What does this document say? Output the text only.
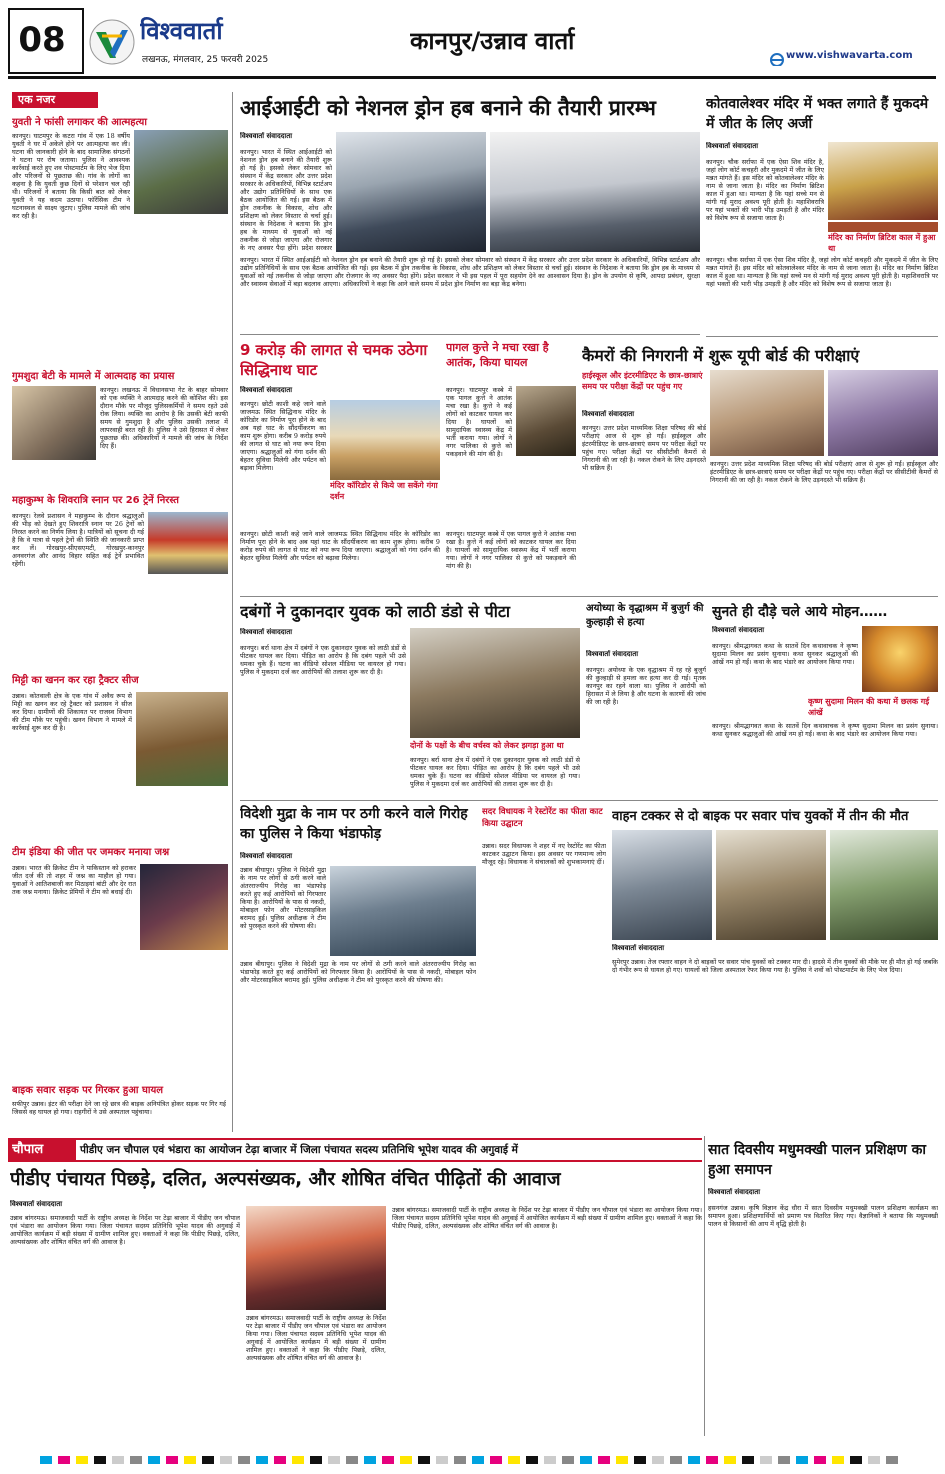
08	विश्ववार्ता
लखनऊ, मंगलवार, 25 फरवरी 2025
कानपुर/उन्नाव वार्ता
www.vishwavarta.com
एक नजर
युवती ने फांसी लगाकर की आत्महत्या
कानपुर। घाटमपुर के कटरा गांव में एक 18 वर्षीय युवती ने घर में अकेले होने पर आत्महत्या कर ली। घटना की जानकारी होने के बाद सामाजिक संगठनों ने घटना पर रोष जताया। पुलिस ने आवश्यक कार्रवाई करते हुए शव पोस्टमार्टम के लिए भेज दिया और परिजनों से पूछताछ की। गांव के लोगों का कहना है कि युवती कुछ दिनों से परेशान चल रही थी। परिजनों ने बताया कि किसी बात को लेकर युवती ने यह कदम उठाया। फॉरेंसिक टीम ने घटनास्थल से साक्ष्य जुटाए। पुलिस मामले की जांच कर रही है।
गुमशुदा बेटी के मामले में आत्मदाह का प्रयास
कानपुर। लखनऊ में विधानसभा गेट के बाहर सोमवार को एक व्यक्ति ने आत्मदाह करने की कोशिश की। इस दौरान मौके पर मौजूद पुलिसकर्मियों ने समय रहते उसे रोक लिया। व्यक्ति का आरोप है कि उसकी बेटी काफी समय से गुमशुदा है और पुलिस उसकी तलाश में लापरवाही बरत रही है। पुलिस ने उसे हिरासत में लेकर पूछताछ की। अधिकारियों ने मामले की जांच के निर्देश दिए हैं।
महाकुम्भ के शिवरात्रि स्नान पर 26 ट्रेनें निरस्त
कानपुर। रेलवे प्रशासन ने महाकुम्भ के दौरान श्रद्धालुओं की भीड़ को देखते हुए शिवरात्रि स्नान पर 26 ट्रेनों को निरस्त करने का निर्णय लिया है। यात्रियों को सूचना दी गई है कि वे यात्रा से पहले ट्रेनों की स्थिति की जानकारी प्राप्त कर लें। गोरखपुर-सीएसएमटी, गोरखपुर-कानपुर अनवरगंज और आनंद विहार सहित कई ट्रेनें प्रभावित रहेंगी।
मिट्टी का खनन कर रहा ट्रैक्टर सीज
उन्नाव। कोतवाली क्षेत्र के एक गांव में अवैध रूप से मिट्टी का खनन कर रहे ट्रैक्टर को प्रशासन ने सीज कर दिया। ग्रामीणों की शिकायत पर राजस्व विभाग की टीम मौके पर पहुंची। खनन विभाग ने मामले में कार्रवाई शुरू कर दी है।
टीम इंडिया की जीत पर जमकर मनाया जश्न
उन्नाव। भारत की क्रिकेट टीम ने पाकिस्तान को हराकर जीत दर्ज की तो शहर में जश्न का माहौल हो गया। युवाओं ने आतिशबाजी कर मिठाइयां बांटी और देर रात तक जश्न मनाया। क्रिकेट प्रेमियों ने टीम को बधाई दी।
बाइक सवार सड़क पर गिरकर हुआ घायल
सफीपुर उन्नाव। इंटर की परीक्षा देने जा रहे छात्र की बाइक अनियंत्रित होकर सड़क पर गिर गई जिससे वह घायल हो गया। राहगीरों ने उसे अस्पताल पहुंचाया।
आईआईटी को नेशनल ड्रोन हब बनाने की तैयारी प्रारम्भ
विश्ववार्ता संवाददाता
कानपुर। भारत में स्थित आईआईटी को नेशनल ड्रोन हब बनाने की तैयारी शुरू हो गई है। इसको लेकर सोमवार को संस्थान में केंद्र सरकार और उत्तर प्रदेश सरकार के अधिकारियों, विभिन्न स्टार्टअप और उद्योग प्रतिनिधियों के साथ एक बैठक आयोजित की गई। इस बैठक में ड्रोन तकनीक के विकास, शोध और प्रशिक्षण को लेकर विस्तार से चर्चा हुई। संस्थान के निदेशक ने बताया कि ड्रोन हब के माध्यम से युवाओं को नई तकनीक से जोड़ा जाएगा और रोजगार के नए अवसर पैदा होंगे। प्रदेश सरकार
कानपुर। भारत में स्थित आईआईटी को नेशनल ड्रोन हब बनाने की तैयारी शुरू हो गई है। इसको लेकर सोमवार को संस्थान में केंद्र सरकार और उत्तर प्रदेश सरकार के अधिकारियों, विभिन्न स्टार्टअप और उद्योग प्रतिनिधियों के साथ एक बैठक आयोजित की गई। इस बैठक में ड्रोन तकनीक के विकास, शोध और प्रशिक्षण को लेकर विस्तार से चर्चा हुई। संस्थान के निदेशक ने बताया कि ड्रोन हब के माध्यम से युवाओं को नई तकनीक से जोड़ा जाएगा और रोजगार के नए अवसर पैदा होंगे। प्रदेश सरकार ने भी इस पहल में पूरा सहयोग देने का आश्वासन दिया है। ड्रोन के उपयोग से कृषि, आपदा प्रबंधन, सुरक्षा और स्वास्थ्य सेवाओं में बड़ा बदलाव आएगा। अधिकारियों ने कहा कि आने वाले समय में प्रदेश ड्रोन निर्माण का बड़ा केंद्र बनेगा।
कोतवालेश्वर मंदिर में भक्त लगाते हैं मुकदमे में जीत के लिए अर्जी
विश्ववार्ता संवाददाता
कानपुर। चौक सर्राफा में एक ऐसा शिव मंदिर है, जहां लोग कोर्ट कचहरी और मुकदमे में जीत के लिए मन्नत मांगते हैं। इस मंदिर को कोतवालेश्वर मंदिर के नाम से जाना जाता है। मंदिर का निर्माण ब्रिटिश काल में हुआ था। मान्यता है कि यहां सच्चे मन से मांगी गई मुराद अवश्य पूरी होती है। महाशिवरात्रि पर यहां भक्तों की भारी भीड़ उमड़ती है और मंदिर को विशेष रूप से सजाया जाता है।
मंदिर का निर्माण ब्रिटिश काल में हुआ था
कानपुर। चौक सर्राफा में एक ऐसा शिव मंदिर है, जहां लोग कोर्ट कचहरी और मुकदमे में जीत के लिए मन्नत मांगते हैं। इस मंदिर को कोतवालेश्वर मंदिर के नाम से जाना जाता है। मंदिर का निर्माण ब्रिटिश काल में हुआ था। मान्यता है कि यहां सच्चे मन से मांगी गई मुराद अवश्य पूरी होती है। महाशिवरात्रि पर यहां भक्तों की भारी भीड़ उमड़ती है और मंदिर को विशेष रूप से सजाया जाता है।
9 करोड़ की लागत से चमक उठेगा सिद्धिनाथ घाट
विश्ववार्ता संवाददाता
मंदिर कॉरिडोर से किये जा सकेंगे गंगा दर्शन
कानपुर। छोटी काशी कहे जाने वाले जाजमऊ स्थित सिद्धिनाथ मंदिर के कॉरिडोर का निर्माण पूरा होने के बाद अब यहां घाट के सौंदर्यीकरण का काम शुरू होगा। करीब 9 करोड़ रुपये की लागत से घाट को नया रूप दिया जाएगा। श्रद्धालुओं को गंगा दर्शन की बेहतर सुविधा मिलेगी और पर्यटन को बढ़ावा मिलेगा।
कानपुर। छोटी काशी कहे जाने वाले जाजमऊ स्थित सिद्धिनाथ मंदिर के कॉरिडोर का निर्माण पूरा होने के बाद अब यहां घाट के सौंदर्यीकरण का काम शुरू होगा। करीब 9 करोड़ रुपये की लागत से घाट को नया रूप दिया जाएगा। श्रद्धालुओं को गंगा दर्शन की बेहतर सुविधा मिलेगी और पर्यटन को बढ़ावा मिलेगा।
पागल कुत्ते ने मचा रखा है आतंक, किया घायल
कानपुर। घाटमपुर कस्बे में एक पागल कुत्ते ने आतंक मचा रखा है। कुत्ते ने कई लोगों को काटकर घायल कर दिया है। घायलों को सामुदायिक स्वास्थ्य केंद्र में भर्ती कराया गया। लोगों ने नगर पालिका से कुत्ते को पकड़वाने की मांग की है।
कानपुर। घाटमपुर कस्बे में एक पागल कुत्ते ने आतंक मचा रखा है। कुत्ते ने कई लोगों को काटकर घायल कर दिया है। घायलों को सामुदायिक स्वास्थ्य केंद्र में भर्ती कराया गया। लोगों ने नगर पालिका से कुत्ते को पकड़वाने की मांग की है।
कैमरों की निगरानी में शुरू यूपी बोर्ड की परीक्षाएं
हाईस्कूल और इंटरमीडिएट के छात्र-छात्राएं समय पर परीक्षा केंद्रों पर पहुंच गए
विश्ववार्ता संवाददाता
कानपुर। उत्तर प्रदेश माध्यमिक शिक्षा परिषद की बोर्ड परीक्षाएं आज से शुरू हो गईं। हाईस्कूल और इंटरमीडिएट के छात्र-छात्राएं समय पर परीक्षा केंद्रों पर पहुंच गए। परीक्षा केंद्रों पर सीसीटीवी कैमरों से निगरानी की जा रही है। नकल रोकने के लिए उड़नदस्ते भी सक्रिय हैं।	कानपुर। उत्तर प्रदेश माध्यमिक शिक्षा परिषद की बोर्ड परीक्षाएं आज से शुरू हो गईं। हाईस्कूल और इंटरमीडिएट के छात्र-छात्राएं समय पर परीक्षा केंद्रों पर पहुंच गए। परीक्षा केंद्रों पर सीसीटीवी कैमरों से निगरानी की जा रही है। नकल रोकने के लिए उड़नदस्ते भी सक्रिय हैं।
दबंगों ने दुकानदार युवक को लाठी डंडो से पीटा
विश्ववार्ता संवाददाता
दोनों के पक्षों के बीच वर्चस्व को लेकर झगड़ा हुआ था
कानपुर। बर्रा थाना क्षेत्र में दबंगों ने एक दुकानदार युवक को लाठी डंडों से पीटकर घायल कर दिया। पीड़ित का आरोप है कि दबंग पहले भी उसे धमका चुके हैं। घटना का वीडियो सोशल मीडिया पर वायरल हो गया। पुलिस ने मुकदमा दर्ज कर आरोपियों की तलाश शुरू कर दी है।
कानपुर। बर्रा थाना क्षेत्र में दबंगों ने एक दुकानदार युवक को लाठी डंडों से पीटकर घायल कर दिया। पीड़ित का आरोप है कि दबंग पहले भी उसे धमका चुके हैं। घटना का वीडियो सोशल मीडिया पर वायरल हो गया। पुलिस ने मुकदमा दर्ज कर आरोपियों की तलाश शुरू कर दी है।
अयोध्या के वृद्धाश्रम में बुजुर्ग की कुल्हाड़ी से हत्या
विश्ववार्ता संवाददाता
कानपुर। अयोध्या के एक वृद्धाश्रम में रह रहे बुजुर्ग की कुल्हाड़ी से हमला कर हत्या कर दी गई। मृतक कानपुर का रहने वाला था। पुलिस ने आरोपी को हिरासत में ले लिया है और घटना के कारणों की जांच की जा रही है।
सुनते ही दौड़े चले आये मोहन……
विश्ववार्ता संवाददाता
कानपुर। श्रीमद्भागवत कथा के सातवें दिन कथावाचक ने कृष्ण सुदामा मिलन का प्रसंग सुनाया। कथा सुनकर श्रद्धालुओं की आंखें नम हो गईं। कथा के बाद भंडारे का आयोजन किया गया।
कृष्ण सुदामा मिलन की कथा में छलक गई आंखें
कानपुर। श्रीमद्भागवत कथा के सातवें दिन कथावाचक ने कृष्ण सुदामा मिलन का प्रसंग सुनाया। कथा सुनकर श्रद्धालुओं की आंखें नम हो गईं। कथा के बाद भंडारे का आयोजन किया गया।
विदेशी मुद्रा के नाम पर ठगी करने वाले गिरोह का पुलिस ने किया भंडाफोड़
विश्ववार्ता संवाददाता
उन्नाव बीघापुर। पुलिस ने विदेशी मुद्रा के नाम पर लोगों से ठगी करने वाले अंतरराज्यीय गिरोह का भंडाफोड़ करते हुए कई आरोपियों को गिरफ्तार किया है। आरोपियों के पास से नकदी, मोबाइल फोन और मोटरसाइकिल बरामद हुई। पुलिस अधीक्षक ने टीम को पुरस्कृत करने की घोषणा की।
उन्नाव बीघापुर। पुलिस ने विदेशी मुद्रा के नाम पर लोगों से ठगी करने वाले अंतरराज्यीय गिरोह का भंडाफोड़ करते हुए कई आरोपियों को गिरफ्तार किया है। आरोपियों के पास से नकदी, मोबाइल फोन और मोटरसाइकिल बरामद हुई। पुलिस अधीक्षक ने टीम को पुरस्कृत करने की घोषणा की।
सदर विधायक ने रेस्टोरेंट का फीता काट किया उद्घाटन
उन्नाव। सदर विधायक ने शहर में नए रेस्टोरेंट का फीता काटकर उद्घाटन किया। इस अवसर पर गणमान्य लोग मौजूद रहे। विधायक ने संचालकों को शुभकामनाएं दीं।
वाहन टक्कर से दो बाइक पर सवार पांच युवकों में तीन की मौत
विश्ववार्ता संवाददाता
सुमेरपुर उन्नाव। तेज रफ्तार वाहन ने दो बाइकों पर सवार पांच युवकों को टक्कर मार दी। हादसे में तीन युवकों की मौके पर ही मौत हो गई जबकि दो गंभीर रूप से घायल हो गए। घायलों को जिला अस्पताल रेफर किया गया है। पुलिस ने शवों को पोस्टमार्टम के लिए भेज दिया।
चौपाल	पीडीए जन चौपाल एवं भंडारा का आयोजन टेढ़ा बाजार में जिला पंचायत सदस्य प्रतिनिधि भूपेश यादव की अगुवाई में
पीडीए पंचायत पिछड़े, दलित, अल्पसंख्यक, और शोषित वंचित पीढ़ितों की आवाज
विश्ववार्ता संवाददाता
उन्नाव बांगरमऊ। समाजवादी पार्टी के राष्ट्रीय अध्यक्ष के निर्देश पर टेढ़ा बाजार में पीडीए जन चौपाल एवं भंडारा का आयोजन किया गया। जिला पंचायत सदस्य प्रतिनिधि भूपेश यादव की अगुवाई में आयोजित कार्यक्रम में बड़ी संख्या में ग्रामीण शामिल हुए। वक्ताओं ने कहा कि पीडीए पिछड़े, दलित, अल्पसंख्यक और शोषित वंचित वर्ग की आवाज है।
उन्नाव बांगरमऊ। समाजवादी पार्टी के राष्ट्रीय अध्यक्ष के निर्देश पर टेढ़ा बाजार में पीडीए जन चौपाल एवं भंडारा का आयोजन किया गया। जिला पंचायत सदस्य प्रतिनिधि भूपेश यादव की अगुवाई में आयोजित कार्यक्रम में बड़ी संख्या में ग्रामीण शामिल हुए। वक्ताओं ने कहा कि पीडीए पिछड़े, दलित, अल्पसंख्यक और शोषित वंचित वर्ग की आवाज है।
उन्नाव बांगरमऊ। समाजवादी पार्टी के राष्ट्रीय अध्यक्ष के निर्देश पर टेढ़ा बाजार में पीडीए जन चौपाल एवं भंडारा का आयोजन किया गया। जिला पंचायत सदस्य प्रतिनिधि भूपेश यादव की अगुवाई में आयोजित कार्यक्रम में बड़ी संख्या में ग्रामीण शामिल हुए। वक्ताओं ने कहा कि पीडीए पिछड़े, दलित, अल्पसंख्यक और शोषित वंचित वर्ग की आवाज है।
सात दिवसीय मधुमक्खी पालन प्रशिक्षण का हुआ समापन
विश्ववार्ता संवाददाता
हसनगंज उन्नाव। कृषि विज्ञान केंद्र धौरा में सात दिवसीय मधुमक्खी पालन प्रशिक्षण कार्यक्रम का समापन हुआ। प्रशिक्षणार्थियों को प्रमाण पत्र वितरित किए गए। वैज्ञानिकों ने बताया कि मधुमक्खी पालन से किसानों की आय में वृद्धि होती है।
